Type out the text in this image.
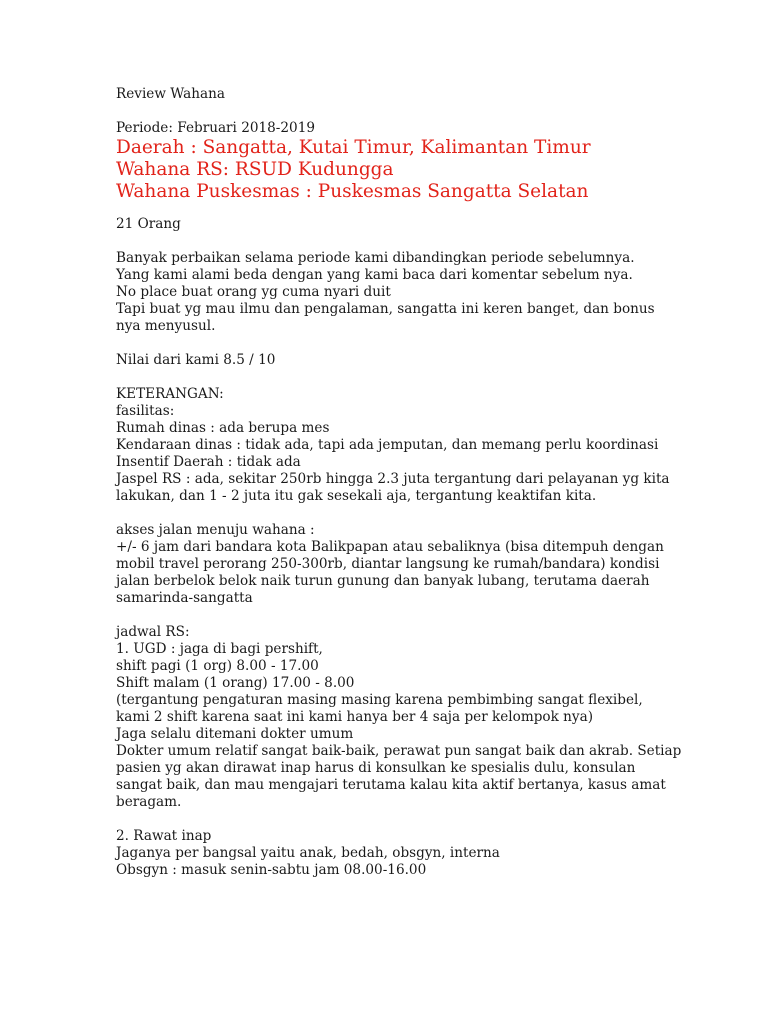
Review Wahana

Periode: Februari 2018-2019

Daerah : Sangatta, Kutai Timur, Kalimantan Timur

Wahana RS: RSUD Kudungga

Wahana Puskesmas : Puskesmas Sangatta Selatan

21 Orang

Banyak perbaikan selama periode kami dibandingkan periode sebelumnya.

Yang kami alami beda dengan yang kami baca dari komentar sebelum nya.

No place buat orang yg cuma nyari duit

Tapi buat yg mau ilmu dan pengalaman, sangatta ini keren banget, dan bonus

nya menyusul.

Nilai dari kami 8.5 / 10

KETERANGAN:

fasilitas:

Rumah dinas : ada berupa mes

Kendaraan dinas : tidak ada, tapi ada jemputan, dan memang perlu koordinasi

Insentif Daerah : tidak ada

Jaspel RS : ada, sekitar 250rb hingga 2.3 juta tergantung dari pelayanan yg kita

lakukan, dan 1 - 2 juta itu gak sesekali aja, tergantung keaktifan kita.

akses jalan menuju wahana :

+/- 6 jam dari bandara kota Balikpapan atau sebaliknya (bisa ditempuh dengan

mobil travel perorang 250-300rb, diantar langsung ke rumah/bandara) kondisi

jalan berbelok belok naik turun gunung dan banyak lubang, terutama daerah

samarinda-sangatta

jadwal RS:

1. UGD : jaga di bagi pershift,

shift pagi (1 org) 8.00 - 17.00

Shift malam (1 orang) 17.00 - 8.00

(tergantung pengaturan masing masing karena pembimbing sangat flexibel,

kami 2 shift karena saat ini kami hanya ber 4 saja per kelompok nya)

Jaga selalu ditemani dokter umum

Dokter umum relatif sangat baik-baik, perawat pun sangat baik dan akrab. Setiap

pasien yg akan dirawat inap harus di konsulkan ke spesialis dulu, konsulan

sangat baik, dan mau mengajari terutama kalau kita aktif bertanya, kasus amat

beragam.

2. Rawat inap

Jaganya per bangsal yaitu anak, bedah, obsgyn, interna

Obsgyn : masuk senin-sabtu jam 08.00-16.00
